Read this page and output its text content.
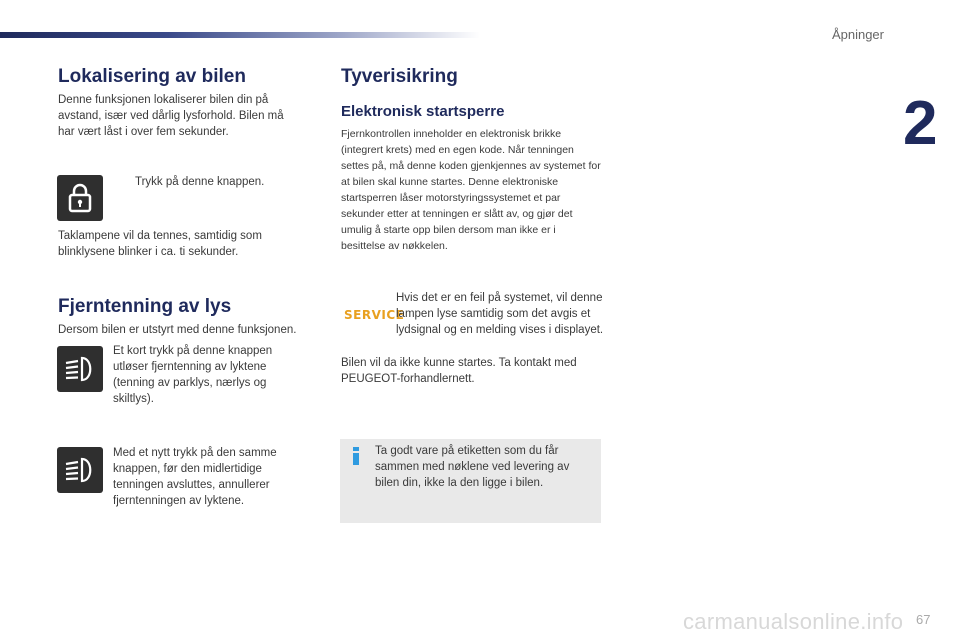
Åpninger
2
67
Lokalisering av bilen
Denne funksjonen lokaliserer bilen din på avstand, især ved dårlig lysforhold. Bilen må har vært låst i over fem sekunder.
Trykk på denne knappen.
Taklampene vil da tennes, samtidig som blinklysene blinker i ca. ti sekunder.
Fjerntenning av lys
Dersom bilen er utstyrt med denne funksjonen.
Et kort trykk på denne knappen utløser fjerntenning av lyktene (tenning av parklys, nærlys og skiltlys).
Med et nytt trykk på den samme knappen, før den midlertidige tenningen avsluttes, annullerer fjerntenningen av lyktene.
Tyverisikring
Elektronisk startsperre
Fjernkontrollen inneholder en elektronisk brikke (integrert krets) med en egen kode. Når tenningen settes på, må denne koden gjenkjennes av systemet for at bilen skal kunne startes. Denne elektroniske startsperren låser motorstyringssystemet et par sekunder etter at tenningen er slått av, og gjør det umulig å starte opp bilen dersom man ikke er i besittelse av nøkkelen.
SERVICE
Hvis det er en feil på systemet, vil denne lampen lyse samtidig som det avgis et lydsignal og en melding vises i displayet.
Bilen vil da ikke kunne startes. Ta kontakt med PEUGEOT-forhandlernett.
Ta godt vare på etiketten som du får sammen med nøklene ved levering av bilen din, ikke la den ligge i bilen.
carmanualsonline.info
